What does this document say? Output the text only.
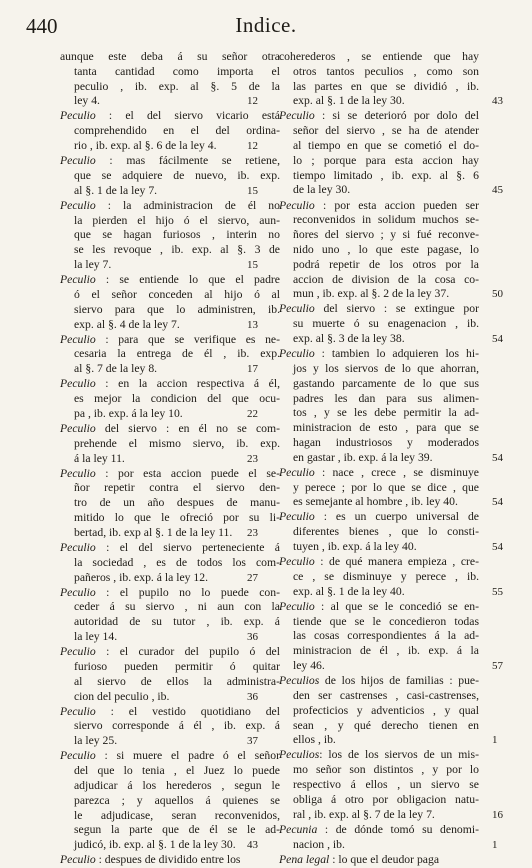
440	Indice.
aunque este deba á su señor otra
tanta cantidad como importa el
peculio , ib. exp. al §. 5 de la
ley 4.	12
Peculio : el del siervo vicario está
comprehendido en el del ordina-
rio , ib. exp. al §. 6 de la ley 4.	12
Peculio : mas fácilmente se retiene,
que se adquiere de nuevo, ib. exp.
al §. 1 de la ley 7.	15
Peculio : la administracion de él no
la pierden el hijo ó el siervo, aun-
que se hagan furiosos , interin no
se les revoque , ib. exp. al §. 3 de
la ley 7.	15
Peculio : se entiende lo que el padre
ó el señor conceden al hijo ó al
siervo para que lo administren, ib.
exp. al §. 4 de la ley 7.	13
Peculio : para que se verifique es ne-
cesaria la entrega de él , ib. exp.
al §. 7 de la ley 8.	17
Peculio : en la accion respectiva á él,
es mejor la condicion del que ocu-
pa , ib. exp. á la ley 10.	22
Peculio del siervo : en él no se com-
prehende el mismo siervo, ib. exp.
á la ley 11.	23
Peculio : por esta accion puede el se-
ñor repetir contra el siervo den-
tro de un año despues de manu-
mitido lo que le ofreció por su li-
bertad, ib. exp al §. 1 de la ley 11.	23
Peculio : el del siervo perteneciente á
la sociedad , es de todos los com-
pañeros , ib. exp. á la ley 12.	27
Peculio : el pupilo no lo puede con-
ceder á su siervo , ni aun con la
autoridad de su tutor , ib. exp. á
la ley 14.	36
Peculio : el curador del pupilo ó del
furioso pueden permitir ó quitar
al siervo de ellos la administra-
cion del peculio , ib.	36
Peculio : el vestido quotidiano del
siervo corresponde á él , ib. exp. á
la ley 25.	37
Peculio : si muere el padre ó el señor
del que lo tenia , el Juez lo puede
adjudicar á los herederos , segun le
parezca ; y aquellos á quienes se
le adjudicase, seran reconvenidos,
segun la parte que de él se le ad-
judicó, ib. exp. al §. 1 de la ley 30.	43
Peculio : despues de dividido entre los
coherederos , se entiende que hay
otros tantos peculios , como son
las partes en que se dividió , ib.
exp. al §. 1 de la ley 30.	43
Peculio : si se deterioró por dolo del
señor del siervo , se ha de atender
al tiempo en que se cometió el do-
lo ; porque para esta accion hay
tiempo limitado , ib. exp. al §. 6
de la ley 30.	45
Peculio : por esta accion pueden ser
reconvenidos in solidum muchos se-
ñores del siervo ; y si fué reconve-
nido uno , lo que este pagase, lo
podrá repetir de los otros por la
accion de division de la cosa co-
mun , ib. exp. al §. 2 de la ley 37.	50
Peculio del siervo : se extingue por
su muerte ó su enagenacion , ib.
exp. al §. 3 de la ley 38.	54
Peculio : tambien lo adquieren los hi-
jos y los siervos de lo que ahorran,
gastando parcamente de lo que sus
padres les dan para sus alimen-
tos , y se les debe permitir la ad-
ministracion de esto , para que se
hagan industriosos y moderados
en gastar , ib. exp. á la ley 39.	54
Peculio : nace , crece , se disminuye
y perece ; por lo que se dice , que
es semejante al hombre , ib. ley 40.	54
Peculio : es un cuerpo universal de
diferentes bienes , que lo consti-
tuyen , ib. exp. á la ley 40.	54
Peculio : de qué manera empieza , cre-
ce , se disminuye y perece , ib.
exp. al §. 1 de la ley 40.	55
Peculio : al que se le concedió se en-
tiende que se le concedieron todas
las cosas correspondientes á la ad-
ministracion de él , ib. exp. á la
ley 46.	57
Peculios de los hijos de familias : pue-
den ser castrenses , casi-castrenses,
profecticios y adventicios , y qual
sean , y qué derecho tienen en
ellos , ib.	1
Peculios: los de los siervos de un mis-
mo señor son distintos , y por lo
respectivo á ellos , un siervo se
obliga á otro por obligacion natu-
ral , ib. exp. al §. 7 de la ley 7.	16
Pecunia : de dónde tomó su denomi-
nacion , ib.	1
Pena legal : lo que el deudor paga
